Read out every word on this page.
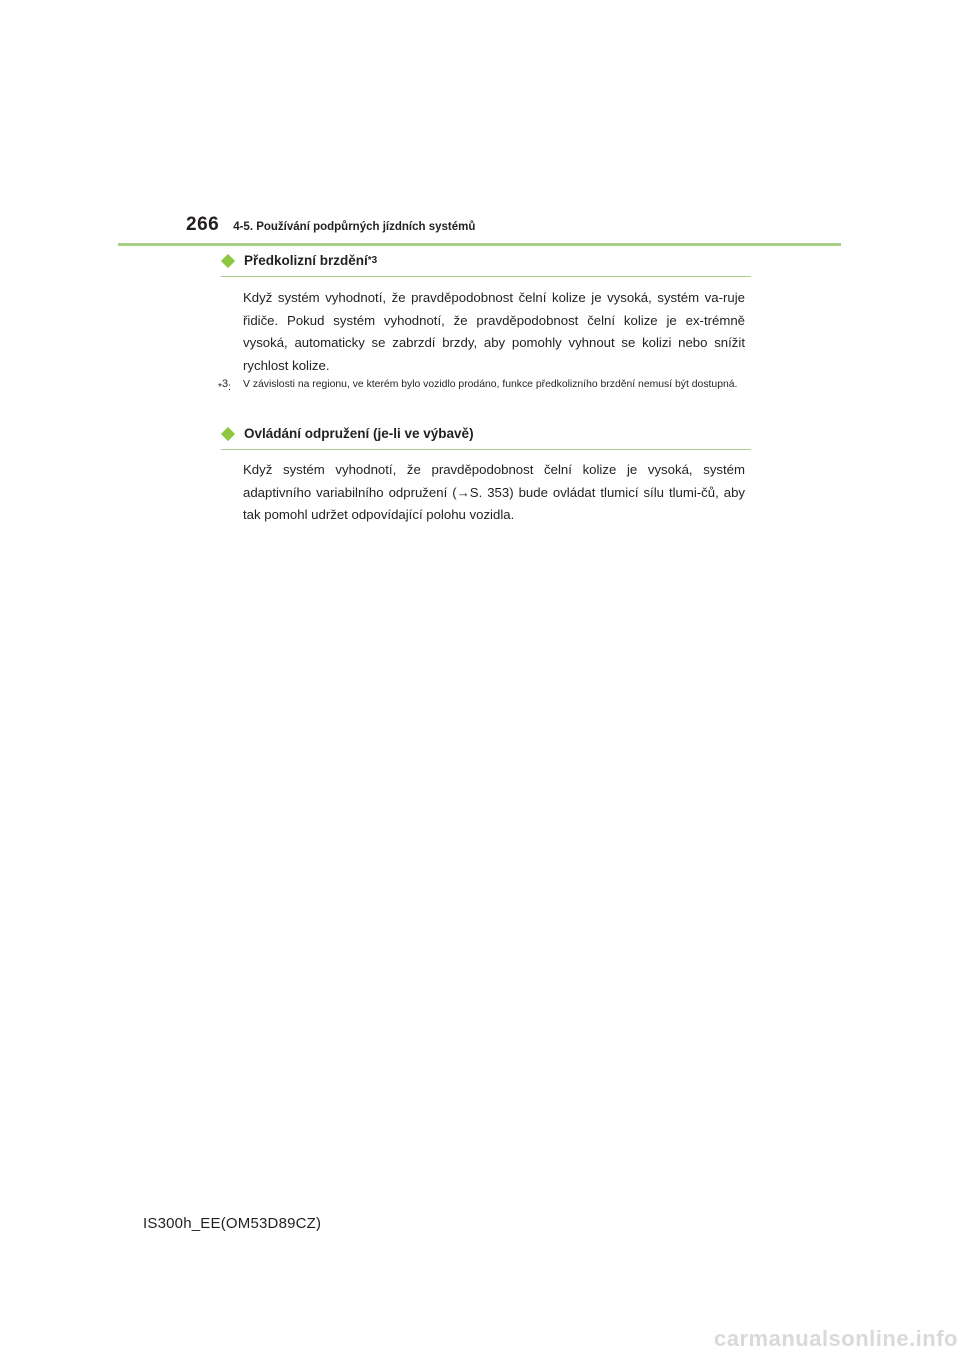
266 4-5. Používání podpůrných jízdních systémů
Předkolizní brzdění *3

Když systém vyhodnotí, že pravděpodobnost čelní kolize je vysoká, systém va-ruje řidiče. Pokud systém vyhodnotí, že pravděpodobnost čelní kolize je ex-trémně vysoká, automaticky se zabrzdí brzdy, aby pomohly vyhnout se kolizi nebo snížit rychlost kolize.

*$^3$:	V závislosti na regionu, ve kterém bylo vozidlo prodáno, funkce předkolizního brzdění nemusí být dostupná.

Ovládání odpružení (je-li ve výbavě)

Když systém vyhodnotí, že pravděpodobnost čelní kolize je vysoká, systém adaptivního variabilního odpružení (→S. 353) bude ovládat tlumicí sílu tlumi-čů, aby tak pomohl udržet odpovídající polohu vozidla.

IS300h_EE(OM53D89CZ)
carmanualsonline.info
